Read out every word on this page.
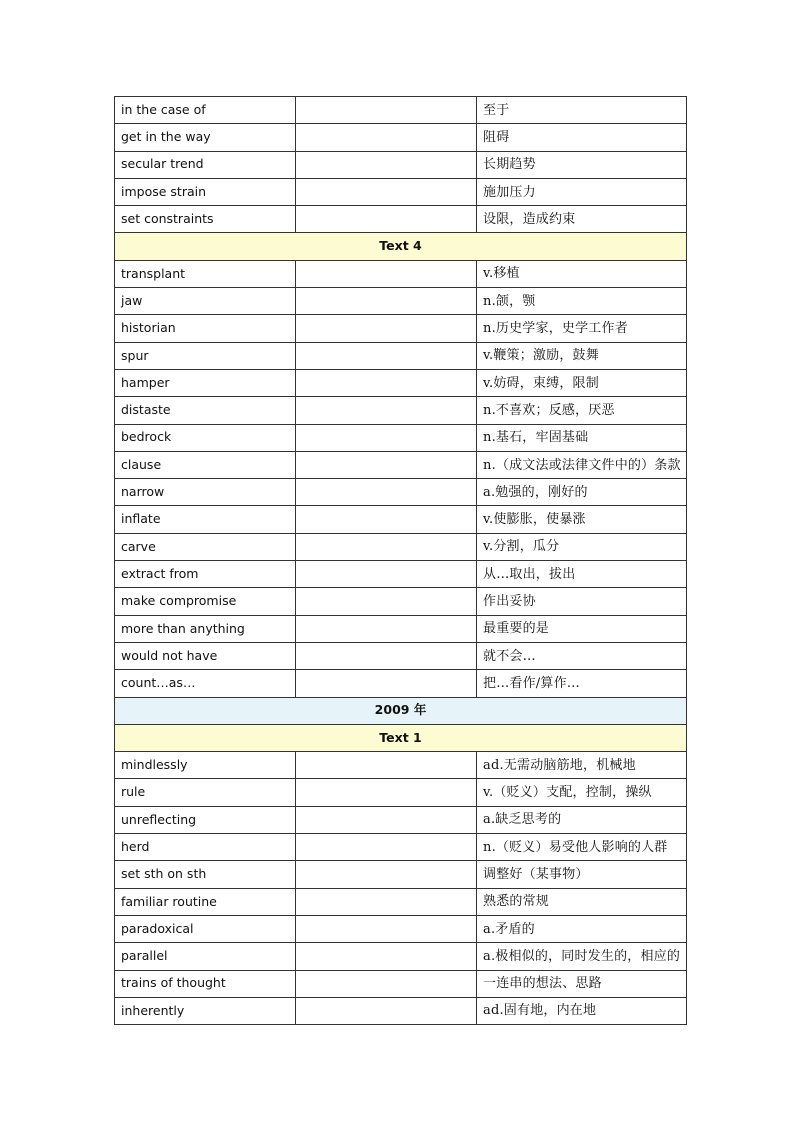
in the case of		至于
get in the way		阻碍
secular trend		长期趋势
impose strain		施加压力
set constraints		设限，造成约束
Text 4		
transplant		v.移植
jaw		n.颌，颚
historian		n.历史学家，史学工作者
spur		v.鞭策；激励，鼓舞
hamper		v.妨碍，束缚，限制
distaste		n.不喜欢；反感，厌恶
bedrock		n.基石，牢固基础
clause		n.（成文法或法律文件中的）条款
narrow		a.勉强的，刚好的
inflate		v.使膨胀，使暴涨
carve		v.分割，瓜分
extract from		从…取出，拔出
make compromise		作出妥协
more than anything		最重要的是
would not have		就不会…
count…as…		把…看作/算作…
2009 年		
Text 1		
mindlessly		ad.无需动脑筋地，机械地
rule		v.（贬义）支配，控制，操纵
unreflecting		a.缺乏思考的
herd		n.（贬义）易受他人影响的人群
set sth on sth		调整好（某事物）
familiar routine		熟悉的常规
paradoxical		a.矛盾的
parallel		a.极相似的，同时发生的，相应的
trains of thought		一连串的想法、思路
inherently		ad.固有地，内在地
